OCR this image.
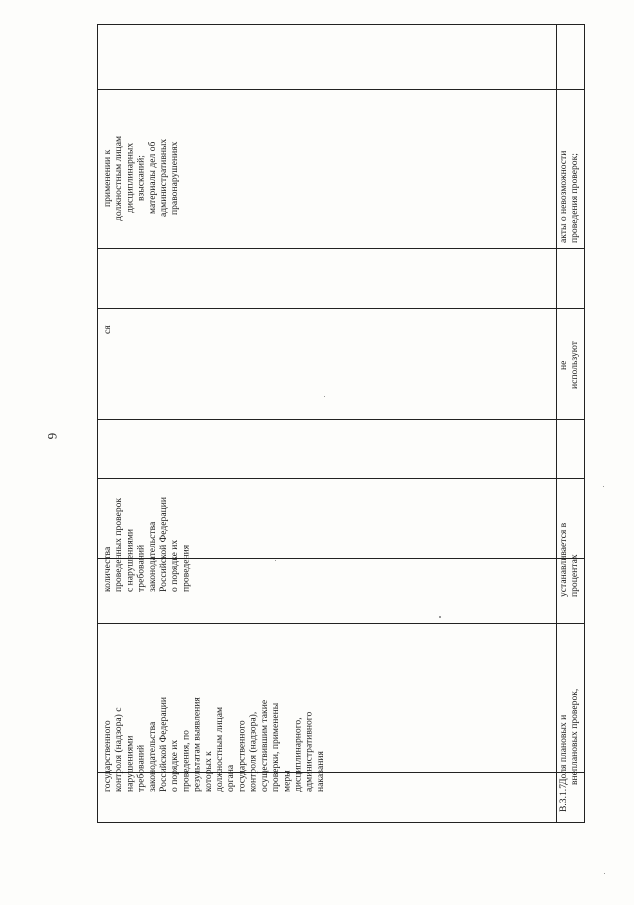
6
государственного
контроля (надзора) с
нарушениями
требований
законодательства
Российской Федерации
о порядке их
проведения, по
результатам выявления
которых к
должностным лицам
органа
государственного
контроля (надзора),
осуществившим такие
проверки, применены
меры
дисциплинарного,
административного
наказания
количества
проведенных проверок
с нарушениями
требований
законодательства
Российской Федерации
о порядке их
проведения
ся
применении к
должностным лицам
дисциплинарных
взысканий;
материалы дел об
административных
правонарушениях
В.3.1.7
Доля плановых и
внеплановых проверок,
устанавливается в
процентах
не
используют
акты о невозможности
проведения проверок;
